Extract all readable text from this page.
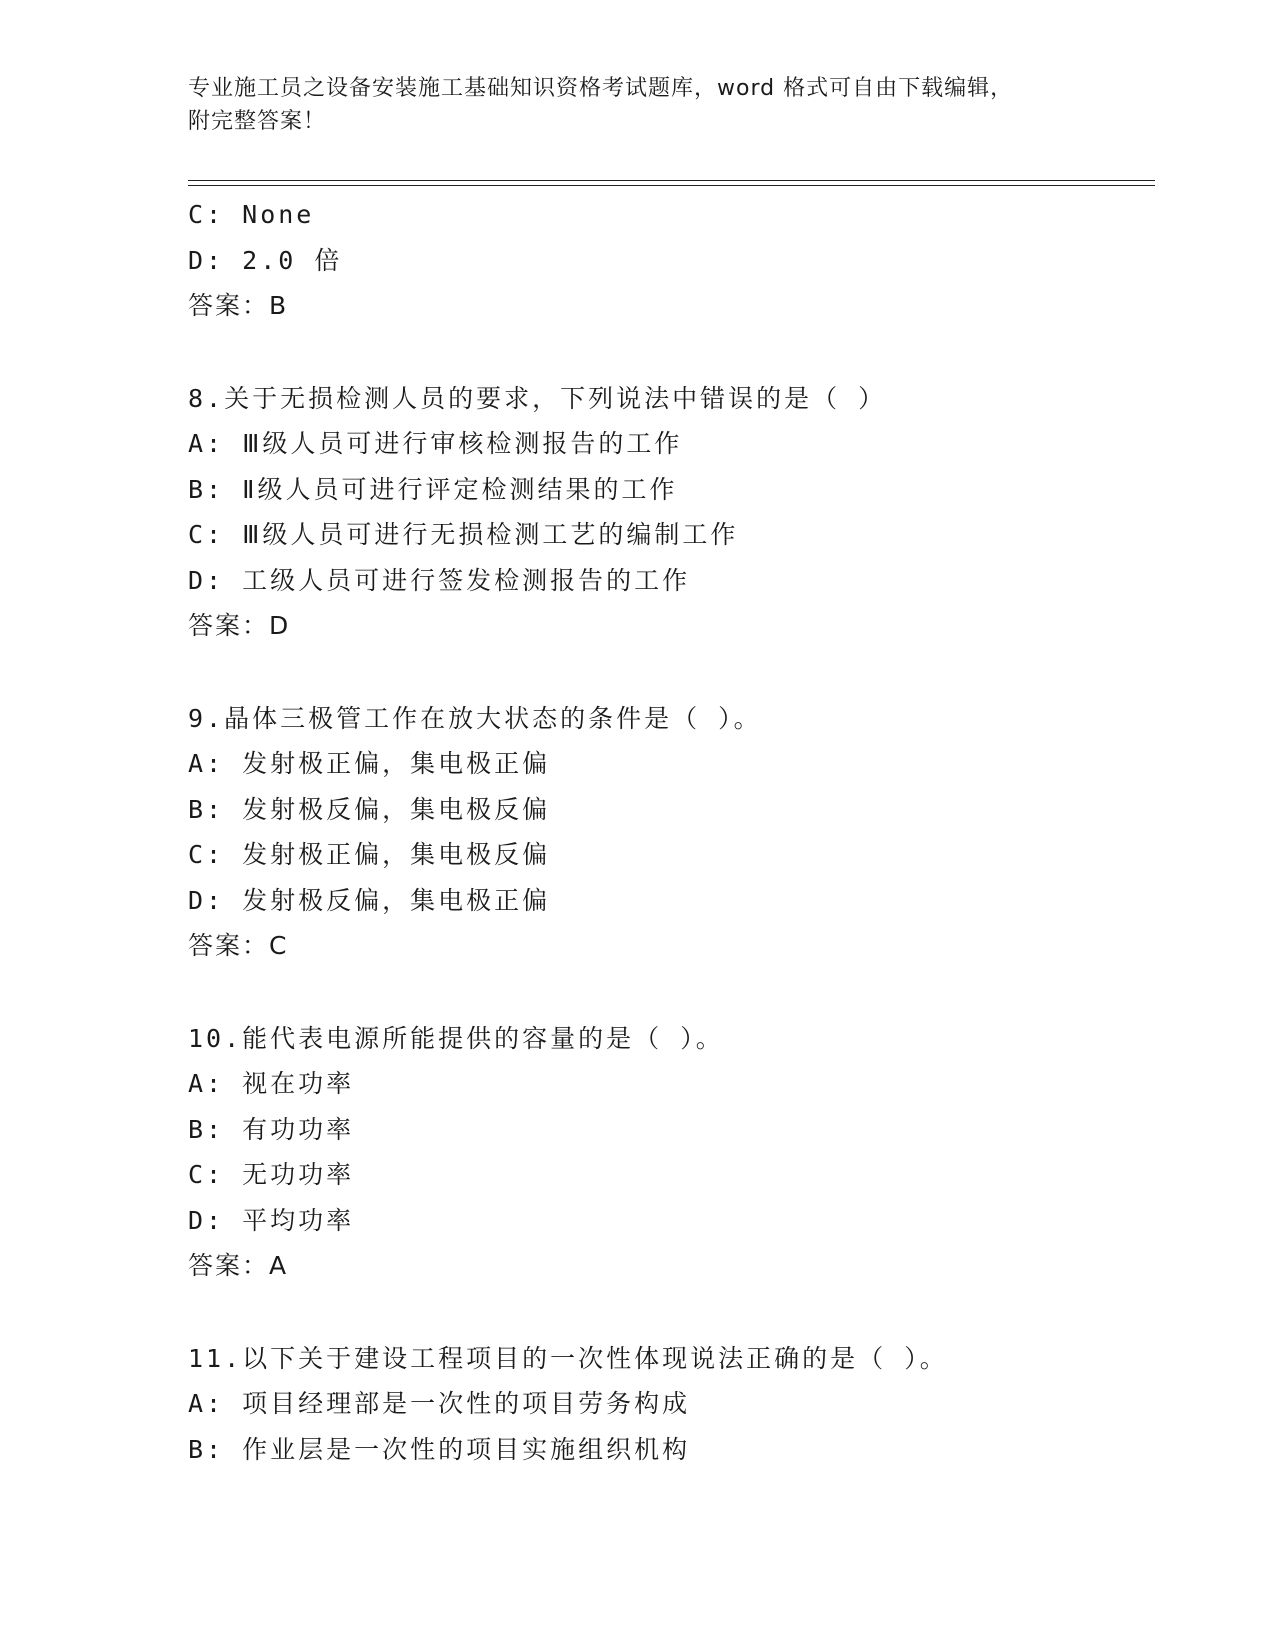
专业施工员之设备安装施工基础知识资格考试题库，word 格式可自由下载编辑，
附完整答案！
C: None
D: 2.0 倍
答案：B
8.关于无损检测人员的要求，下列说法中错误的是（ ）
A: Ⅲ级人员可进行审核检测报告的工作
B: Ⅱ级人员可进行评定检测结果的工作
C: Ⅲ级人员可进行无损检测工艺的编制工作
D: 工级人员可进行签发检测报告的工作
答案：D
9.晶体三极管工作在放大状态的条件是（ ）。
A: 发射极正偏，集电极正偏
B: 发射极反偏，集电极反偏
C: 发射极正偏，集电极反偏
D: 发射极反偏，集电极正偏
答案：C
10.能代表电源所能提供的容量的是（ ）。
A: 视在功率
B: 有功功率
C: 无功功率
D: 平均功率
答案：A
11.以下关于建设工程项目的一次性体现说法正确的是（ ）。
A: 项目经理部是一次性的项目劳务构成
B: 作业层是一次性的项目实施组织机构
